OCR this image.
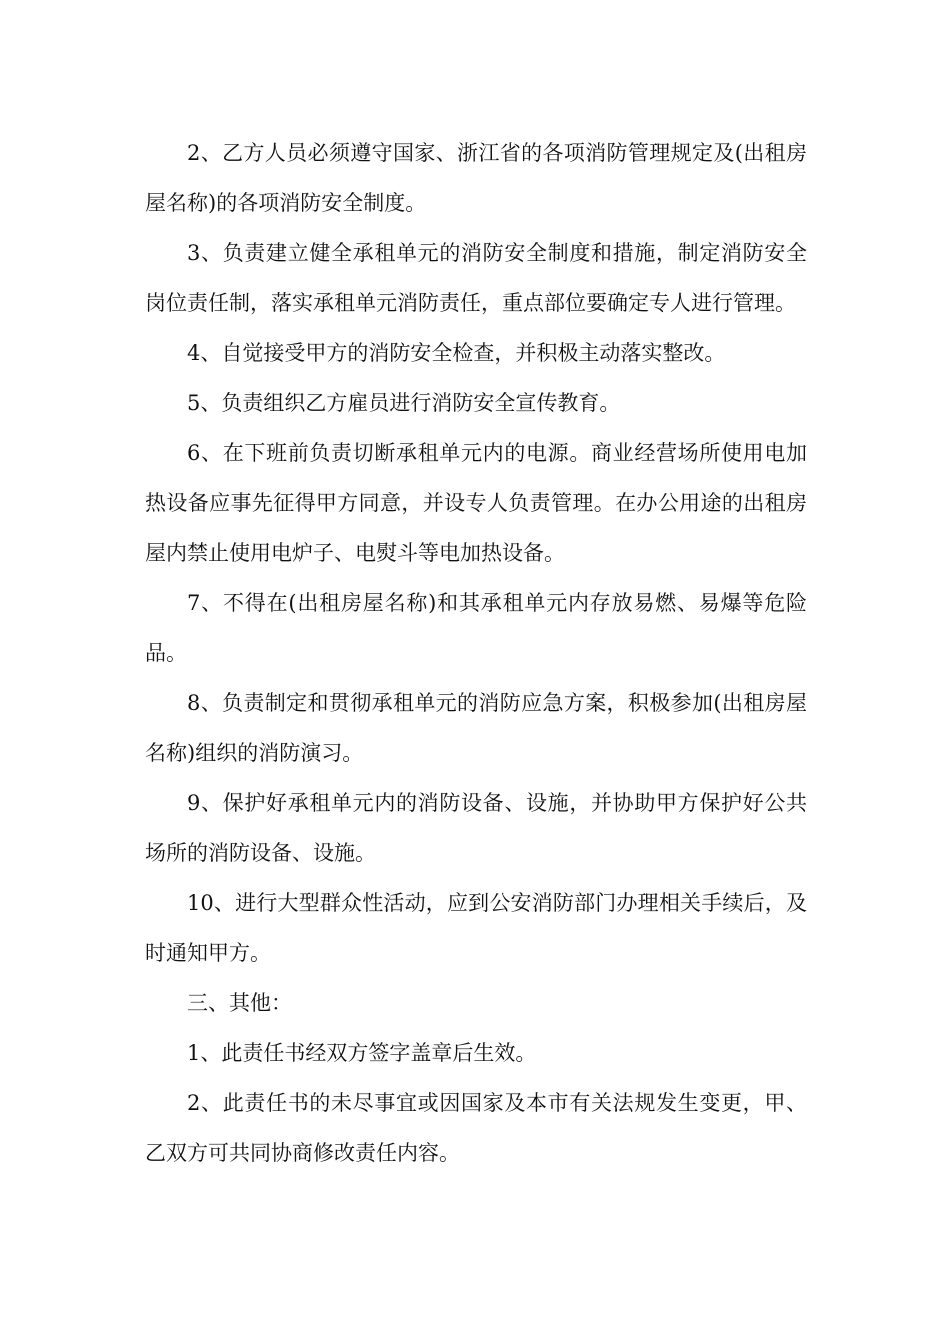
2、乙方人员必须遵守国家、浙江省的各项消防管理规定及(出租房屋名称)的各项消防安全制度。

3、负责建立健全承租单元的消防安全制度和措施，制定消防安全岗位责任制，落实承租单元消防责任，重点部位要确定专人进行管理。

4、自觉接受甲方的消防安全检查，并积极主动落实整改。

5、负责组织乙方雇员进行消防安全宣传教育。

6、在下班前负责切断承租单元内的电源。商业经营场所使用电加热设备应事先征得甲方同意，并设专人负责管理。在办公用途的出租房屋内禁止使用电炉子、电熨斗等电加热设备。

7、不得在(出租房屋名称)和其承租单元内存放易燃、易爆等危险品。

8、负责制定和贯彻承租单元的消防应急方案，积极参加(出租房屋名称)组织的消防演习。

9、保护好承租单元内的消防设备、设施，并协助甲方保护好公共场所的消防设备、设施。

10、进行大型群众性活动，应到公安消防部门办理相关手续后，及时通知甲方。

三、其他：

1、此责任书经双方签字盖章后生效。

2、此责任书的未尽事宜或因国家及本市有关法规发生变更，甲、乙双方可共同协商修改责任内容。
